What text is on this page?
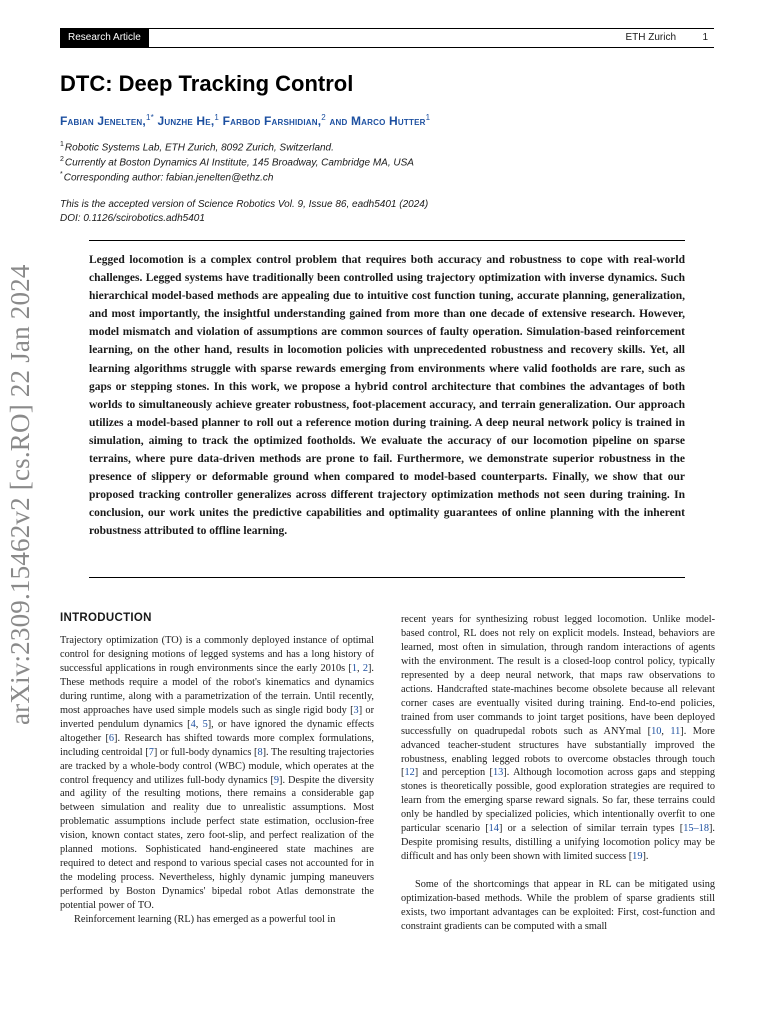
Research Article	ETH Zurich	1
arXiv:2309.15462v2 [cs.RO] 22 Jan 2024
DTC: Deep Tracking Control
Fabian Jenelten,$^{1*}$ Junzhe He,$^1$ Farbod Farshidian,$^2$ and Marco Hutter$^1$
$^1$Robotic Systems Lab, ETH Zurich, 8092 Zurich, Switzerland.
$^2$Currently at Boston Dynamics AI Institute, 145 Broadway, Cambridge MA, USA
*Corresponding author: fabian.jenelten@ethz.ch
This is the accepted version of Science Robotics Vol. 9, Issue 86, eadh5401 (2024)
DOI: 0.1126/scirobotics.adh5401

Legged locomotion is a complex control problem that requires both accuracy and robustness to cope with real-world challenges. Legged systems have traditionally been controlled using trajectory optimization with inverse dynamics. Such hierarchical model-based methods are appealing due to intuitive cost function tuning, accurate planning, generalization, and most importantly, the insightful understanding gained from more than one decade of extensive research. However, model mismatch and violation of assumptions are common sources of faulty operation. Simulation-based reinforcement learning, on the other hand, results in locomotion policies with unprecedented robustness and recovery skills. Yet, all learning algorithms struggle with sparse rewards emerging from environments where valid footholds are rare, such as gaps or stepping stones. In this work, we propose a hybrid control architecture that combines the advantages of both worlds to simultaneously achieve greater robustness, foot-placement accuracy, and terrain generalization. Our approach utilizes a model-based planner to roll out a reference motion during training. A deep neural network policy is trained in simulation, aiming to track the optimized footholds. We evaluate the accuracy of our locomotion pipeline on sparse terrains, where pure data-driven methods are prone to fail. Furthermore, we demonstrate superior robustness in the presence of slippery or deformable ground when compared to model-based counterparts. Finally, we show that our proposed tracking controller generalizes across different trajectory optimization methods not seen during training. In conclusion, our work unites the predictive capabilities and optimality guarantees of online planning with the inherent robustness attributed to offline learning.

INTRODUCTION

Trajectory optimization (TO) is a commonly deployed instance of optimal control for designing motions of legged systems and has a long history of successful applications in rough environments since the early 2010s [1, 2]. These methods require a model of the robot's kinematics and dynamics during runtime, along with a parametrization of the terrain. Until recently, most approaches have used simple models such as single rigid body [3] or inverted pendulum dynamics [4, 5], or have ignored the dynamic effects altogether [6]. Research has shifted towards more complex formulations, including centroidal [7] or full-body dynamics [8]. The resulting trajectories are tracked by a whole-body control (WBC) module, which operates at the control frequency and utilizes full-body dynamics [9]. Despite the diversity and agility of the resulting motions, there remains a considerable gap between simulation and reality due to unrealistic assumptions. Most problematic assumptions include perfect state estimation, occlusion-free vision, known contact states, zero foot-slip, and perfect realization of the planned motions. Sophisticated hand-engineered state machines are required to detect and respond to various special cases not accounted for in the modeling process. Nevertheless, highly dynamic jumping maneuvers performed by Boston Dynamics' bipedal robot Atlas demonstrate the potential power of TO.

Reinforcement learning (RL) has emerged as a powerful tool in

recent years for synthesizing robust legged locomotion. Unlike model-based control, RL does not rely on explicit models. Instead, behaviors are learned, most often in simulation, through random interactions of agents with the environment. The result is a closed-loop control policy, typically represented by a deep neural network, that maps raw observations to actions. Handcrafted state-machines become obsolete because all relevant corner cases are eventually visited during training. End-to-end policies, trained from user commands to joint target positions, have been deployed successfully on quadrupedal robots such as ANYmal [10, 11]. More advanced teacher-student structures have substantially improved the robustness, enabling legged robots to overcome obstacles through touch [12] and perception [13]. Although locomotion across gaps and stepping stones is theoretically possible, good exploration strategies are required to learn from the emerging sparse reward signals. So far, these terrains could only be handled by specialized policies, which intentionally overfit to one particular scenario [14] or a selection of similar terrain types [15–18]. Despite promising results, distilling a unifying locomotion policy may be difficult and has only been shown with limited success [19].

Some of the shortcomings that appear in RL can be mitigated using optimization-based methods. While the problem of sparse gradients still exists, two important advantages can be exploited: First, cost-function and constraint gradients can be computed with a small
